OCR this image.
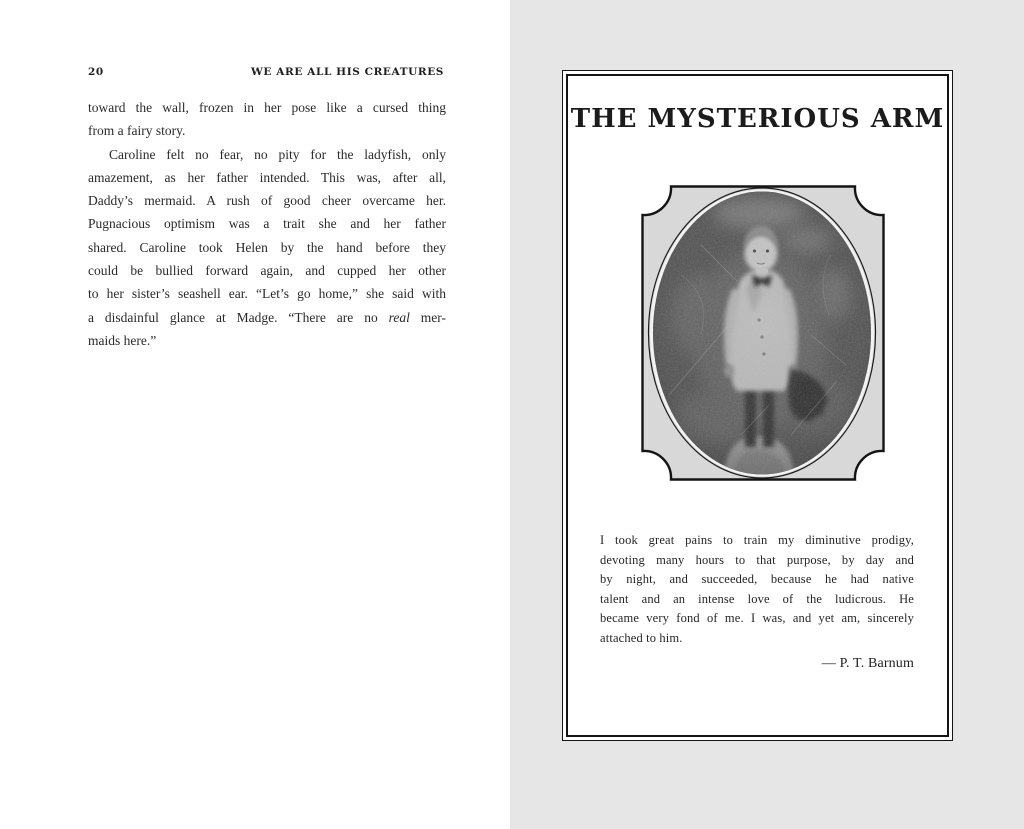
20	WE ARE ALL HIS CREATURES
toward the wall, frozen in her pose like a cursed thing
from a fairy story.
Caroline felt no fear, no pity for the ladyfish, only
amazement, as her father intended. This was, after all,
Daddy’s mermaid. A rush of good cheer overcame her.
Pugnacious optimism was a trait she and her father
shared. Caroline took Helen by the hand before they
could be bullied forward again, and cupped her other
to her sister’s seashell ear. “Let’s go home,” she said with
a disdainful glance at Madge. “There are no real mer-
maids here.”
THE MYSTERIOUS ARM
I took great pains to train my diminutive prodigy,
devoting many hours to that purpose, by day and
by night, and succeeded, because he had native
talent and an intense love of the ludicrous. He
became very fond of me. I was, and yet am, sincerely
attached to him.
— P. T. Barnum
